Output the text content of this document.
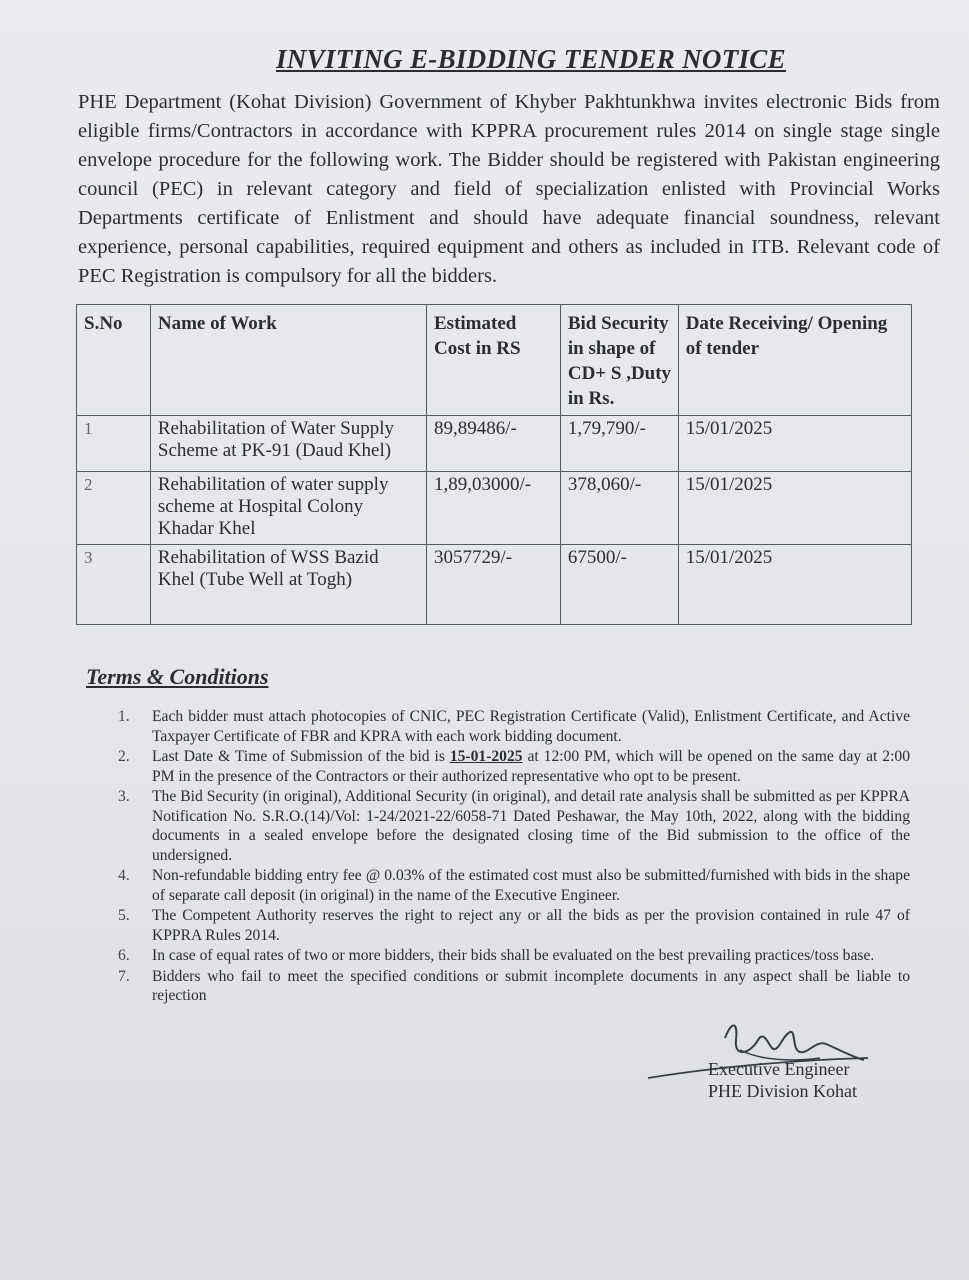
INVITING E-BIDDING TENDER NOTICE
PHE Department (Kohat Division) Government of Khyber Pakhtunkhwa invites electronic Bids from eligible firms/Contractors in accordance with KPPRA procurement rules 2014 on single stage single envelope procedure for the following work. The Bidder should be registered with Pakistan engineering council (PEC) in relevant category and field of specialization enlisted with Provincial Works Departments certificate of Enlistment and should have adequate financial soundness, relevant experience, personal capabilities, required equipment and others as included in ITB. Relevant code of PEC Registration is compulsory for all the bidders.
S.No	Name of Work	Estimated Cost in RS	Bid Security in shape of CD+ S ,Duty in Rs.	Date Receiving/ Opening of tender
1	Rehabilitation of Water Supply Scheme at PK-91 (Daud Khel)	89,89486/-	1,79,790/-	15/01/2025
2	Rehabilitation of water supply scheme at Hospital Colony Khadar Khel	1,89,03000/-	378,060/-	15/01/2025
3	Rehabilitation of WSS Bazid Khel (Tube Well at Togh)	3057729/-	67500/-	15/01/2025
Terms & Conditions
1. Each bidder must attach photocopies of CNIC, PEC Registration Certificate (Valid), Enlistment Certificate, and Active Taxpayer Certificate of FBR and KPRA with each work bidding document.
2. Last Date & Time of Submission of the bid is 15-01-2025 at 12:00 PM, which will be opened on the same day at 2:00 PM in the presence of the Contractors or their authorized representative who opt to be present.
3. The Bid Security (in original), Additional Security (in original), and detail rate analysis shall be submitted as per KPPRA Notification No. S.R.O.(14)/Vol: 1-24/2021-22/6058-71 Dated Peshawar, the May 10th, 2022, along with the bidding documents in a sealed envelope before the designated closing time of the Bid submission to the office of the undersigned.
4. Non-refundable bidding entry fee @ 0.03% of the estimated cost must also be submitted/furnished with bids in the shape of separate call deposit (in original) in the name of the Executive Engineer.
5. The Competent Authority reserves the right to reject any or all the bids as per the provision contained in rule 47 of KPPRA Rules 2014.
6. In case of equal rates of two or more bidders, their bids shall be evaluated on the best prevailing practices/toss base.
7. Bidders who fail to meet the specified conditions or submit incomplete documents in any aspect shall be liable to rejection
Executive Engineer
PHE Division Kohat
